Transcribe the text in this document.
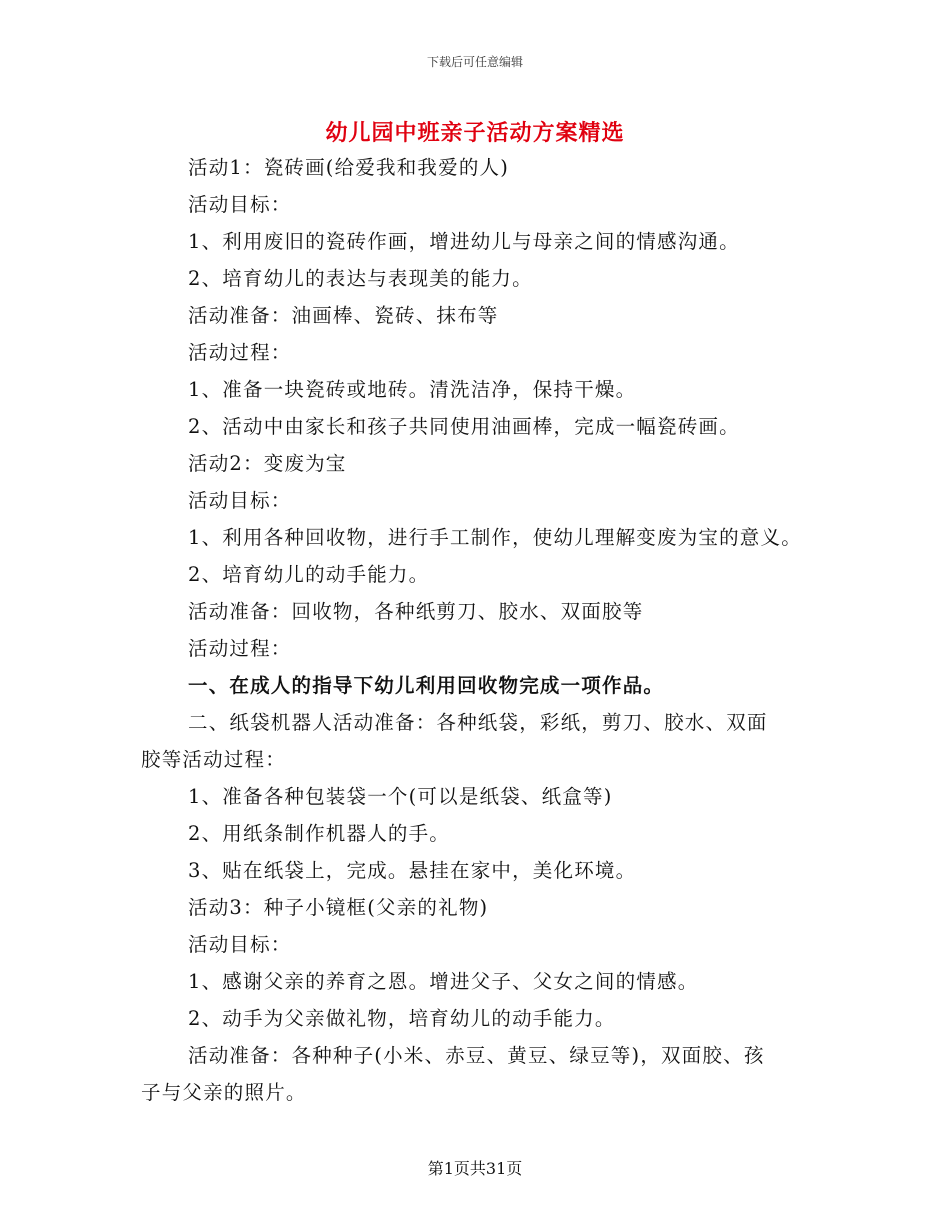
下载后可任意编辑
幼儿园中班亲子活动方案精选
活动1：瓷砖画(给爱我和我爱的人)
活动目标：
1、利用废旧的瓷砖作画，增进幼儿与母亲之间的情感沟通。
2、培育幼儿的表达与表现美的能力。
活动准备：油画棒、瓷砖、抹布等
活动过程：
1、准备一块瓷砖或地砖。清洗洁净，保持干燥。
2、活动中由家长和孩子共同使用油画棒，完成一幅瓷砖画。
活动2：变废为宝
活动目标：
1、利用各种回收物，进行手工制作，使幼儿理解变废为宝的意义。
2、培育幼儿的动手能力。
活动准备：回收物，各种纸剪刀、胶水、双面胶等
活动过程：
一、在成人的指导下幼儿利用回收物完成一项作品。
二、纸袋机器人活动准备：各种纸袋，彩纸，剪刀、胶水、双面
胶等活动过程：
1、准备各种包装袋一个(可以是纸袋、纸盒等)
2、用纸条制作机器人的手。
3、贴在纸袋上，完成。悬挂在家中，美化环境。
活动3：种子小镜框(父亲的礼物)
活动目标：
1、感谢父亲的养育之恩。增进父子、父女之间的情感。
2、动手为父亲做礼物，培育幼儿的动手能力。
活动准备：各种种子(小米、赤豆、黄豆、绿豆等)，双面胶、孩
子与父亲的照片。
第1页共31页
